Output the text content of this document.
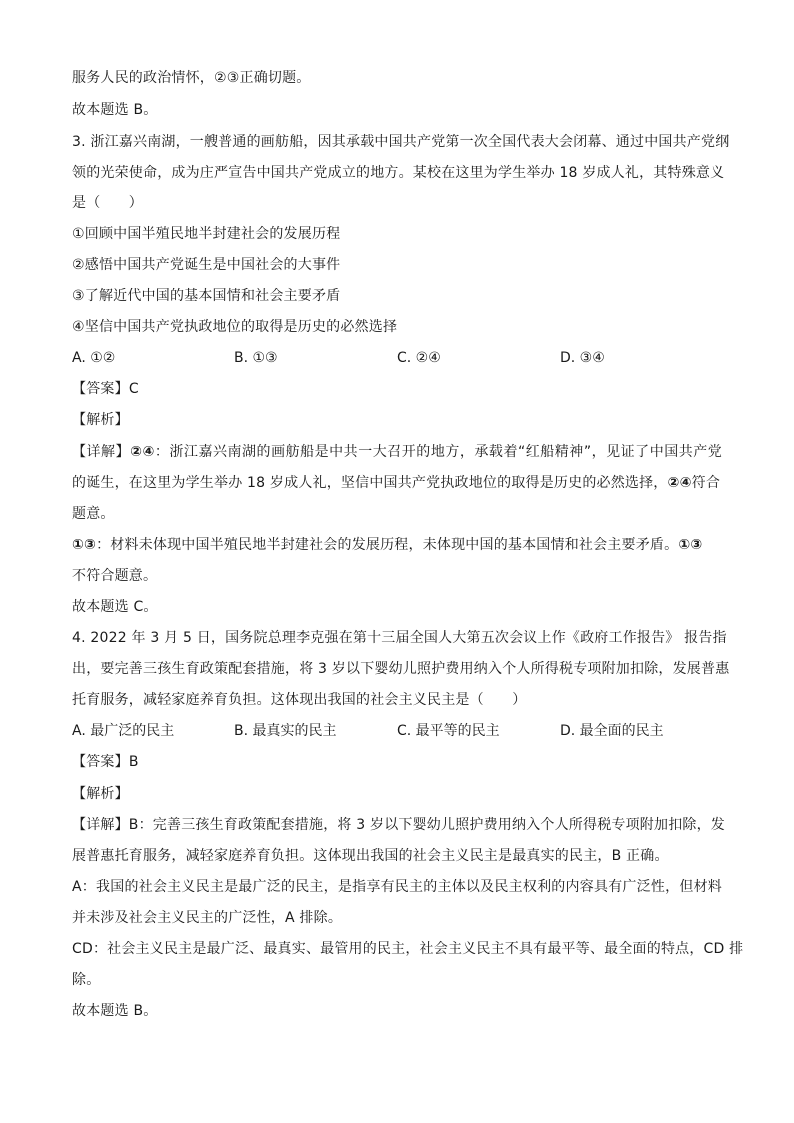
服务人民的政治情怀，②③正确切题。
故本题选 B。
3. 浙江嘉兴南湖，一艘普通的画舫船，因其承载中国共产党第一次全国代表大会闭幕、通过中国共产党纲
领的光荣使命，成为庄严宣告中国共产党成立的地方。某校在这里为学生举办 18 岁成人礼，其特殊意义
是（　　）
①回顾中国半殖民地半封建社会的发展历程
②感悟中国共产党诞生是中国社会的大事件
③了解近代中国的基本国情和社会主要矛盾
④坚信中国共产党执政地位的取得是历史的必然选择
A. ①②	B. ①③	C. ②④	D. ③④
【答案】C
【解析】
【详解】②④：浙江嘉兴南湖的画舫船是中共一大召开的地方，承载着“红船精神”，见证了中国共产党
的诞生，在这里为学生举办 18 岁成人礼，坚信中国共产党执政地位的取得是历史的必然选择，②④符合
题意。
①③：材料未体现中国半殖民地半封建社会的发展历程，未体现中国的基本国情和社会主要矛盾。①③
不符合题意。
故本题选 C。
4. 2022 年 3 月 5 日，国务院总理李克强在第十三届全国人大第五次会议上作《政府工作报告》 报告指
出，要完善三孩生育政策配套措施，将 3 岁以下婴幼儿照护费用纳入个人所得税专项附加扣除，发展普惠
托育服务，减轻家庭养育负担。这体现出我国的社会主义民主是（　　）
A. 最广泛的民主	B. 最真实的民主	C. 最平等的民主	D. 最全面的民主
【答案】B
【解析】
【详解】B：完善三孩生育政策配套措施，将 3 岁以下婴幼儿照护费用纳入个人所得税专项附加扣除，发
展普惠托育服务，减轻家庭养育负担。这体现出我国的社会主义民主是最真实的民主，B 正确。
A：我国的社会主义民主是最广泛的民主，是指享有民主的主体以及民主权利的内容具有广泛性，但材料
并未涉及社会主义民主的广泛性，A 排除。
CD：社会主义民主是最广泛、最真实、最管用的民主，社会主义民主不具有最平等、最全面的特点，CD 排
除。
故本题选 B。
